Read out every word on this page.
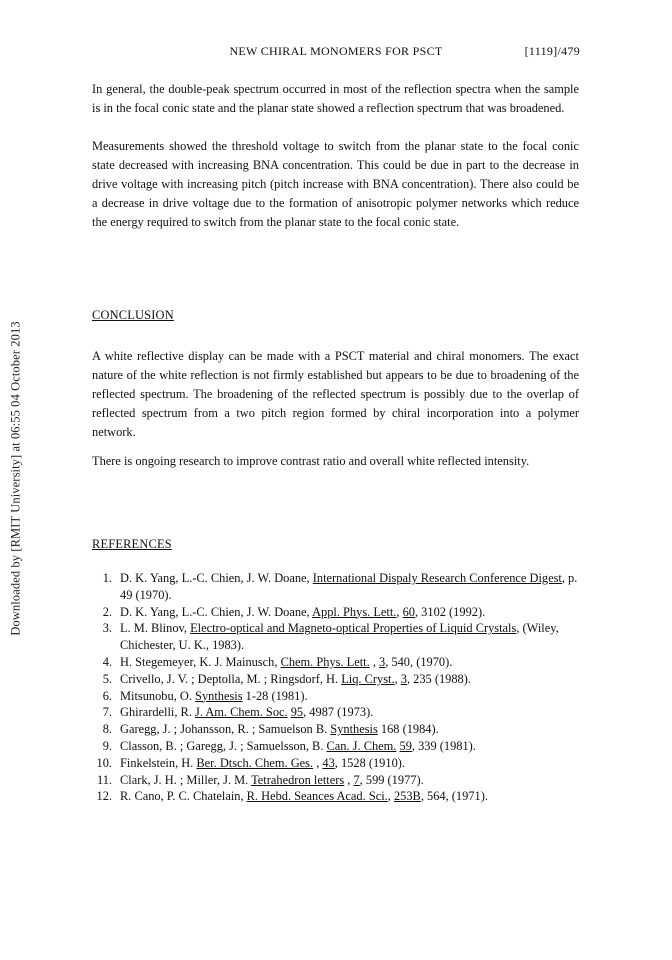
Downloaded by [RMIT University] at 06:55 04 October 2013
NEW CHIRAL MONOMERS FOR PSCT	[1119]/479

In general, the double-peak spectrum occurred in most of the reflection spectra when the sample is in the focal conic state and the planar state showed a reflection spectrum that was broadened.

Measurements showed the threshold voltage to switch from the planar state to the focal conic state decreased with increasing BNA concentration. This could be due in part to the decrease in drive voltage with increasing pitch (pitch increase with BNA concentration). There also could be a decrease in drive voltage due to the formation of anisotropic polymer networks which reduce the energy required to switch from the planar state to the focal conic state.

CONCLUSION

A white reflective display can be made with a PSCT material and chiral monomers. The exact nature of the white reflection is not firmly established but appears to be due to broadening of the reflected spectrum. The broadening of the reflected spectrum is possibly due to the overlap of reflected spectrum from a two pitch region formed by chiral incorporation into a polymer network.

There is ongoing research to improve contrast ratio and overall white reflected intensity.

REFERENCES
1. D. K. Yang, L.-C. Chien, J. W. Doane, International Dispaly Research Conference Digest, p. 49 (1970).
2. D. K. Yang, L.-C. Chien, J. W. Doane, Appl. Phys. Lett., 60, 3102 (1992).
3. L. M. Blinov, Electro-optical and Magneto-optical Properties of Liquid Crystals, (Wiley, Chichester, U. K., 1983).
4. H. Stegemeyer, K. J. Mainusch, Chem. Phys. Lett. , 3, 540, (1970).
5. Crivello, J. V. ; Deptolla, M. ; Ringsdorf, H. Liq. Cryst., 3, 235 (1988).
6. Mitsunobu, O. Synthesis 1-28 (1981).
7. Ghirardelli, R. J. Am. Chem. Soc. 95, 4987 (1973).
8. Garegg, J. ; Johansson, R. ; Samuelson B. Synthesis 168 (1984).
9. Classon, B. ; Garegg, J. ; Samuelsson, B. Can. J. Chem. 59, 339 (1981).
10. Finkelstein, H. Ber. Dtsch. Chem. Ges. , 43, 1528 (1910).
11. Clark, J. H. ; Miller, J. M. Tetrahedron letters , 7, 599 (1977).
12. R. Cano, P. C. Chatelain, R. Hebd. Seances Acad. Sci., 253B, 564, (1971).
